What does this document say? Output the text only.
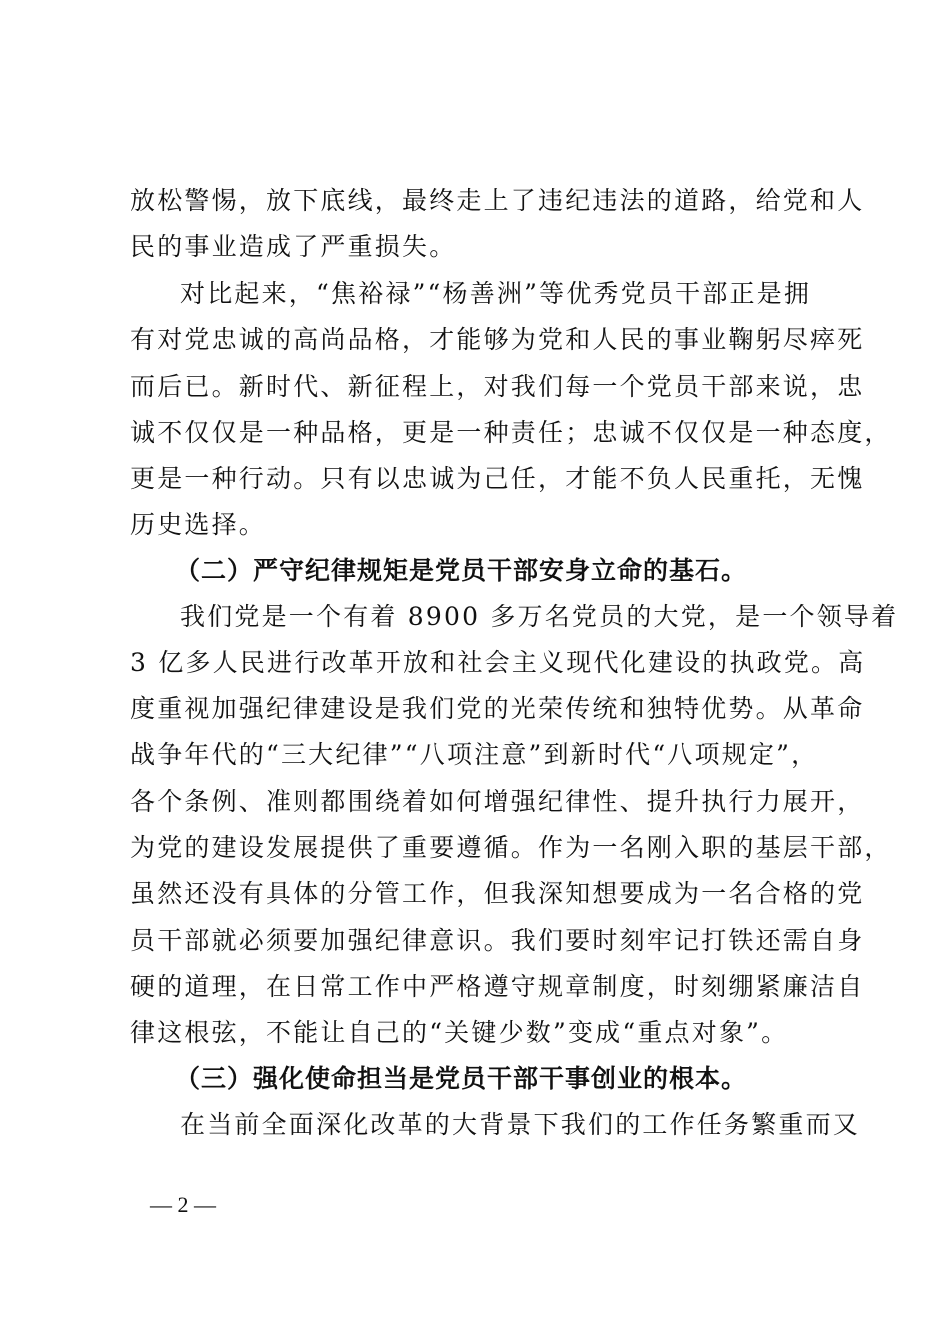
放松警惕，放下底线，最终走上了违纪违法的道路，给党和人
民的事业造成了严重损失。
对比起来，“焦裕禄”“杨善洲”等优秀党员干部正是拥
有对党忠诚的高尚品格，才能够为党和人民的事业鞠躬尽瘁死
而后已。新时代、新征程上，对我们每一个党员干部来说，忠
诚不仅仅是一种品格，更是一种责任；忠诚不仅仅是一种态度，
更是一种行动。只有以忠诚为己任，才能不负人民重托，无愧
历史选择。
（二）严守纪律规矩是党员干部安身立命的基石。
我们党是一个有着 8900 多万名党员的大党，是一个领导着
3 亿多人民进行改革开放和社会主义现代化建设的执政党。高
度重视加强纪律建设是我们党的光荣传统和独特优势。从革命
战争年代的“三大纪律”“八项注意”到新时代“八项规定”，
各个条例、准则都围绕着如何增强纪律性、提升执行力展开，
为党的建设发展提供了重要遵循。作为一名刚入职的基层干部，
虽然还没有具体的分管工作，但我深知想要成为一名合格的党
员干部就必须要加强纪律意识。我们要时刻牢记打铁还需自身
硬的道理，在日常工作中严格遵守规章制度，时刻绷紧廉洁自
律这根弦，不能让自己的“关键少数”变成“重点对象”。
（三）强化使命担当是党员干部干事创业的根本。
在当前全面深化改革的大背景下我们的工作任务繁重而又
— 2 —
